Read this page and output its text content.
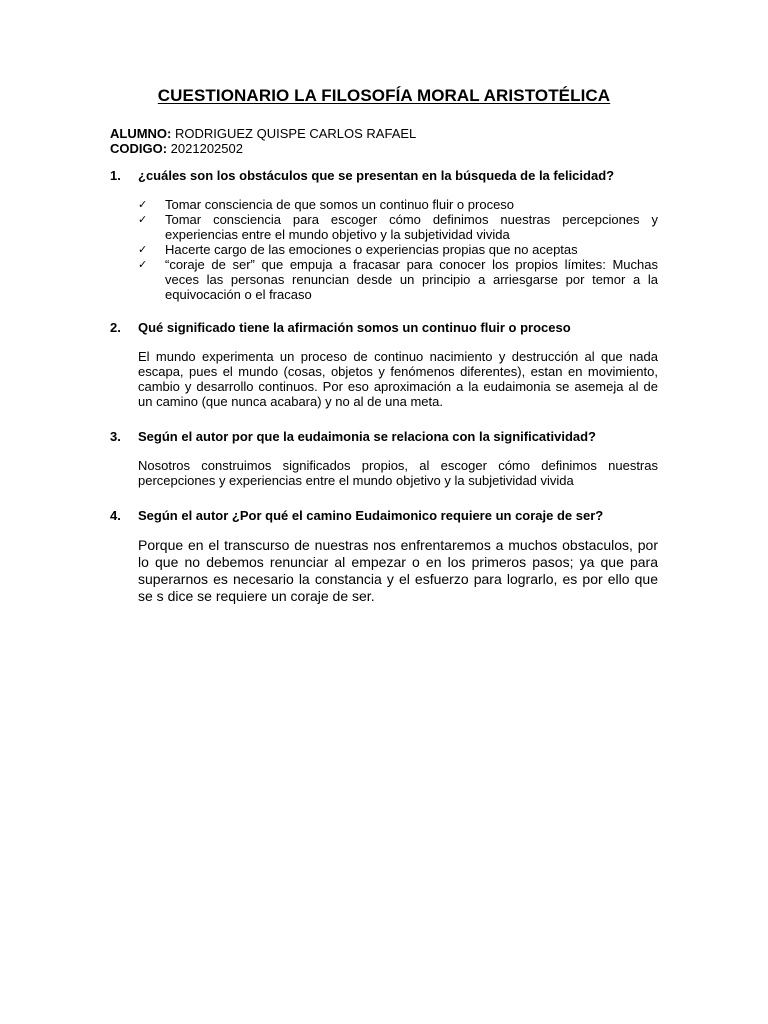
CUESTIONARIO LA FILOSOFÍA MORAL ARISTOTÉLICA
ALUMNO: RODRIGUEZ QUISPE CARLOS RAFAEL
CODIGO: 2021202502
1.	¿cuáles son los obstáculos que se presentan en la búsqueda de la felicidad?
✓	Tomar consciencia de que somos un continuo fluir o proceso
✓	Tomar consciencia para escoger cómo definimos nuestras percepciones y experiencias entre el mundo objetivo y la subjetividad vivida
✓	Hacerte cargo de las emociones o experiencias propias que no aceptas
✓	“coraje de ser” que empuja a fracasar para conocer los propios límites: Muchas veces las personas renuncian desde un principio a arriesgarse por temor a la equivocación o el fracaso
2.	Qué significado tiene la afirmación somos un continuo fluir o proceso

El mundo experimenta un proceso de continuo nacimiento y destrucción al que nada escapa, pues el mundo (cosas, objetos y fenómenos diferentes), estan en movimiento, cambio y desarrollo continuos. Por eso aproximación a la eudaimonia se asemeja al de un camino (que nunca acabara) y no al de una meta.

3.	Según el autor por que la eudaimonia se relaciona con la significatividad?

Nosotros construimos significados propios, al escoger cómo definimos nuestras percepciones y experiencias entre el mundo objetivo y la subjetividad vivida

4.	Según el autor ¿Por qué el camino Eudaimonico requiere un coraje de ser?

Porque en el transcurso de nuestras nos enfrentaremos a muchos obstaculos, por lo que no debemos renunciar al empezar o en los primeros pasos; ya que para superarnos es necesario la constancia y el esfuerzo para lograrlo, es por ello que se s dice se requiere un coraje de ser.
